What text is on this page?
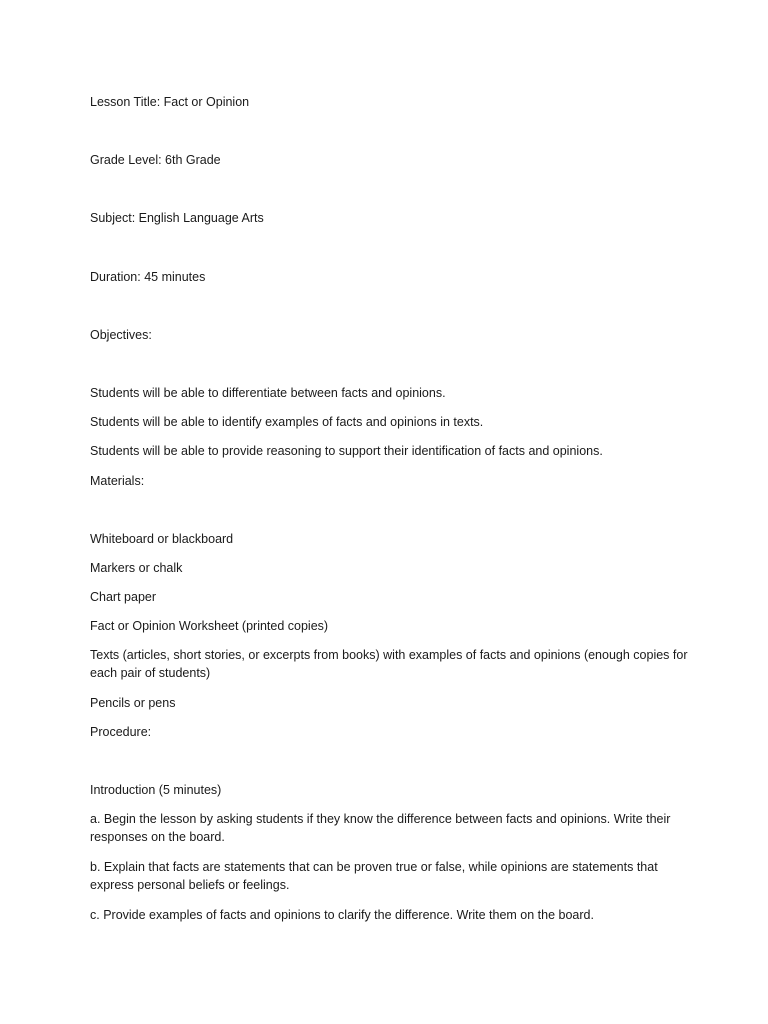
Lesson Title: Fact or Opinion
Grade Level: 6th Grade
Subject: English Language Arts
Duration: 45 minutes
Objectives:
Students will be able to differentiate between facts and opinions.
Students will be able to identify examples of facts and opinions in texts.
Students will be able to provide reasoning to support their identification of facts and opinions.
Materials:
Whiteboard or blackboard
Markers or chalk
Chart paper
Fact or Opinion Worksheet (printed copies)
Texts (articles, short stories, or excerpts from books) with examples of facts and opinions (enough copies for each pair of students)
Pencils or pens
Procedure:
Introduction (5 minutes)
a. Begin the lesson by asking students if they know the difference between facts and opinions. Write their responses on the board.
b. Explain that facts are statements that can be proven true or false, while opinions are statements that express personal beliefs or feelings.
c. Provide examples of facts and opinions to clarify the difference. Write them on the board.
